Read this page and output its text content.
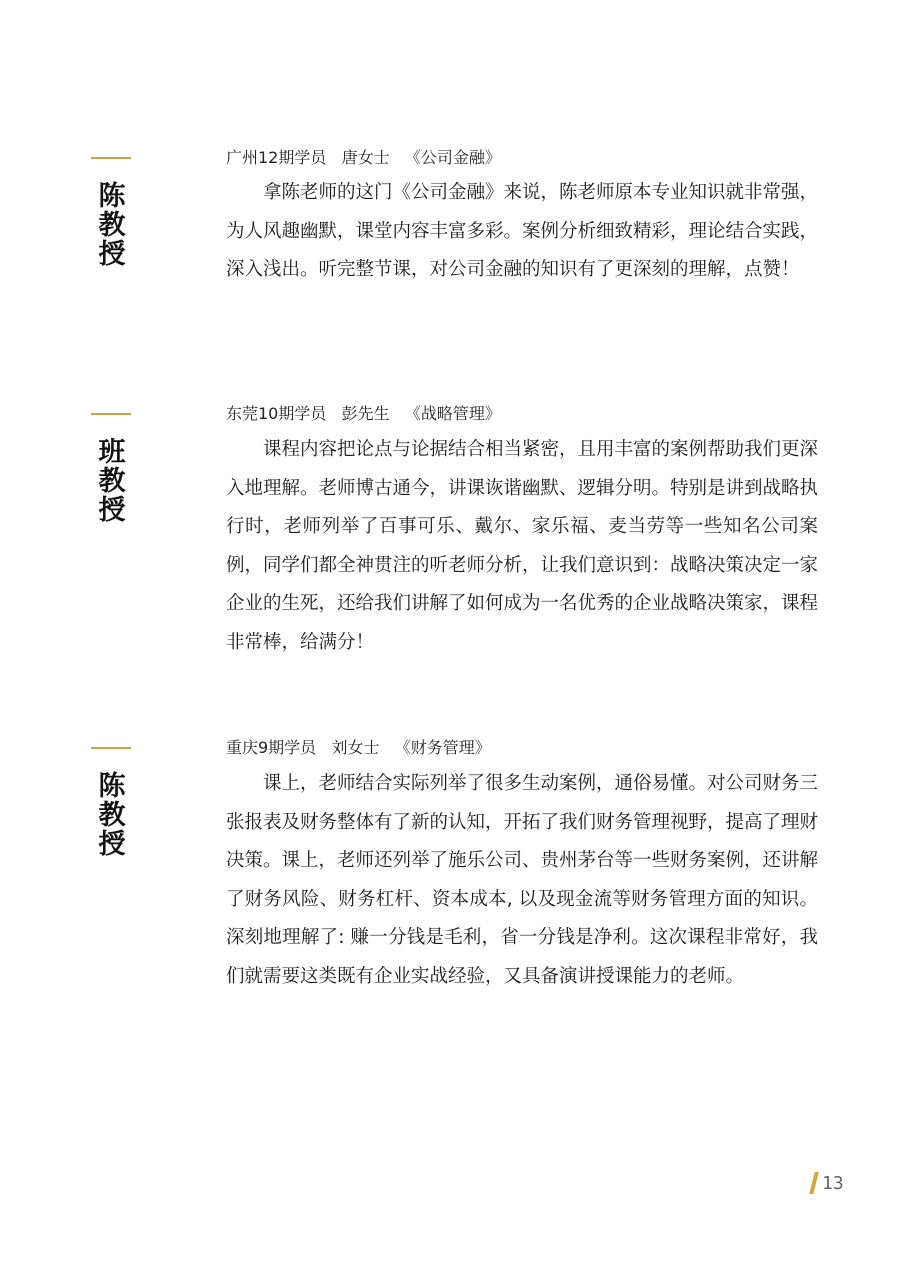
陈
教
授
广州12期学员   唐女士   《公司金融》

拿陈老师的这门《公司金融》来说，陈老师原本专业知识就非常强，为人风趣幽默，课堂内容丰富多彩。案例分析细致精彩，理论结合实践，深入浅出。听完整节课，对公司金融的知识有了更深刻的理解，点赞！

班
教
授
东莞10期学员   彭先生   《战略管理》

课程内容把论点与论据结合相当紧密，且用丰富的案例帮助我们更深入地理解。老师博古通今，讲课诙谐幽默、逻辑分明。特别是讲到战略执行时，老师列举了百事可乐、戴尔、家乐福、麦当劳等一些知名公司案例，同学们都全神贯注的听老师分析，让我们意识到：战略决策决定一家企业的生死，还给我们讲解了如何成为一名优秀的企业战略决策家，课程非常棒，给满分！

陈
教
授
重庆9期学员   刘女士   《财务管理》

课上，老师结合实际列举了很多生动案例，通俗易懂。对公司财务三张报表及财务整体有了新的认知，开拓了我们财务管理视野，提高了理财决策。课上，老师还列举了施乐公司、贵州茅台等一些财务案例，还讲解了财务风险、财务杠杆、资本成本, 以及现金流等财务管理方面的知识。深刻地理解了: 赚一分钱是毛利，省一分钱是净利。这次课程非常好，我们就需要这类既有企业实战经验，又具备演讲授课能力的老师。

13
